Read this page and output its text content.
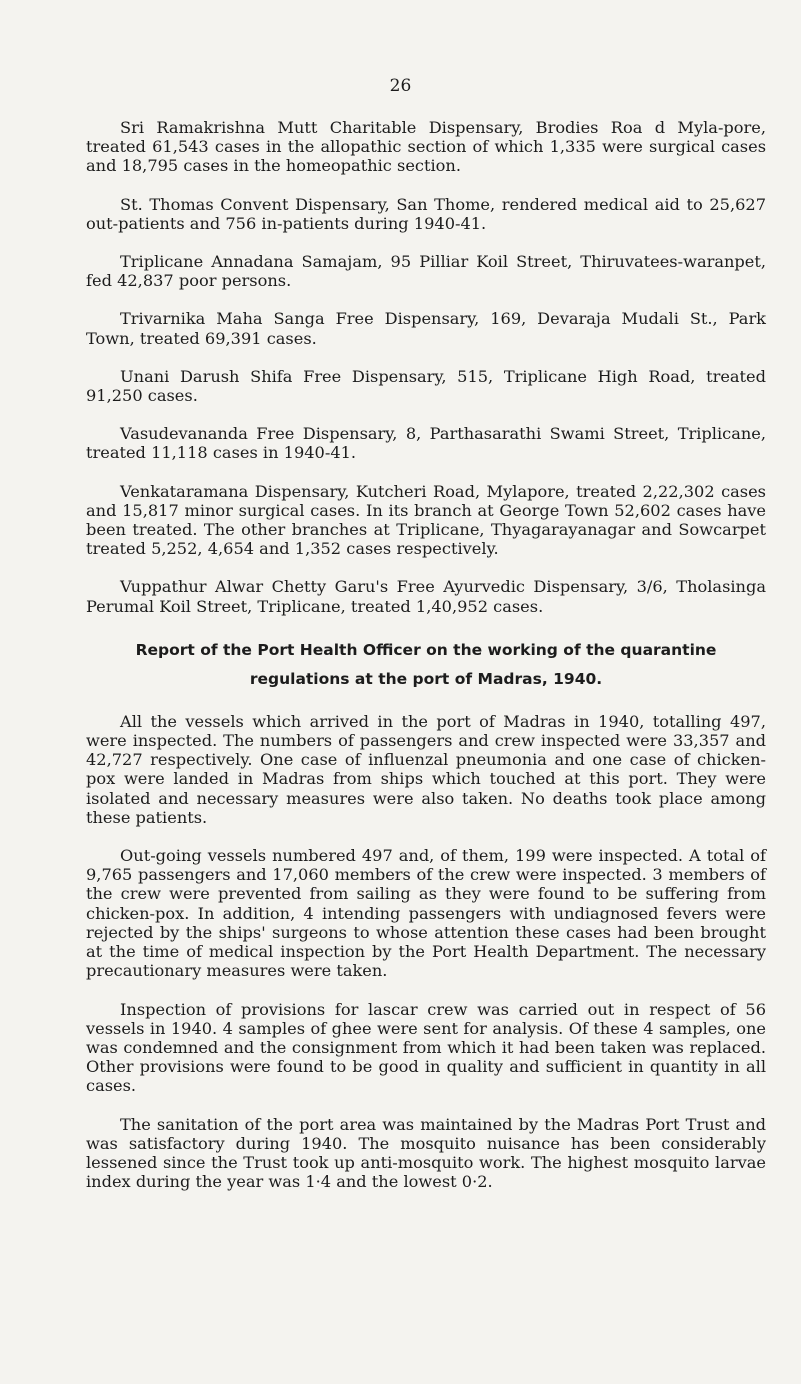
26

Sri Ramakrishna Mutt Charitable Dispensary, Brodies Roa d Myla-pore, treated 61,543 cases in the allopathic section of which 1,335 were surgical cases and 18,795 cases in the homeopathic section.

St. Thomas Convent Dispensary, San Thome, rendered medical aid to 25,627 out-patients and 756 in-patients during 1940-41.

Triplicane Annadana Samajam, 95 Pilliar Koil Street, Thiruvatees-waranpet, fed 42,837 poor persons.

Trivarnika Maha Sanga Free Dispensary, 169, Devaraja Mudali St., Park Town, treated 69,391 cases.

Unani Darush Shifa Free Dispensary, 515, Triplicane High Road, treated 91,250 cases.

Vasudevananda Free Dispensary, 8, Parthasarathi Swami Street, Triplicane, treated 11,118 cases in 1940-41.

Venkataramana Dispensary, Kutcheri Road, Mylapore, treated 2,22,302 cases and 15,817 minor surgical cases. In its branch at George Town 52,602 cases have been treated. The other branches at Triplicane, Thyagarayanagar and Sowcarpet treated 5,252, 4,654 and 1,352 cases respectively.

Vuppathur Alwar Chetty Garu's Free Ayurvedic Dispensary, 3/6, Tholasinga Perumal Koil Street, Triplicane, treated 1,40,952 cases.

Report of the Port Health Officer on the working of the quarantine regulations at the port of Madras, 1940.

All the vessels which arrived in the port of Madras in 1940, totalling 497, were inspected. The numbers of passengers and crew inspected were 33,357 and 42,727 respectively. One case of influenzal pneumonia and one case of chicken-pox were landed in Madras from ships which touched at this port. They were isolated and necessary measures were also taken. No deaths took place among these patients.

Out-going vessels numbered 497 and, of them, 199 were inspected. A total of 9,765 passengers and 17,060 members of the crew were inspected. 3 members of the crew were prevented from sailing as they were found to be suffering from chicken-pox. In addition, 4 intending passengers with undiagnosed fevers were rejected by the ships' surgeons to whose attention these cases had been brought at the time of medical inspection by the Port Health Department. The necessary precautionary measures were taken.

Inspection of provisions for lascar crew was carried out in respect of 56 vessels in 1940. 4 samples of ghee were sent for analysis. Of these 4 samples, one was condemned and the consignment from which it had been taken was replaced. Other provisions were found to be good in quality and sufficient in quantity in all cases.

The sanitation of the port area was maintained by the Madras Port Trust and was satisfactory during 1940. The mosquito nuisance has been considerably lessened since the Trust took up anti-mosquito work. The highest mosquito larvae index during the year was 1·4 and the lowest 0·2.
